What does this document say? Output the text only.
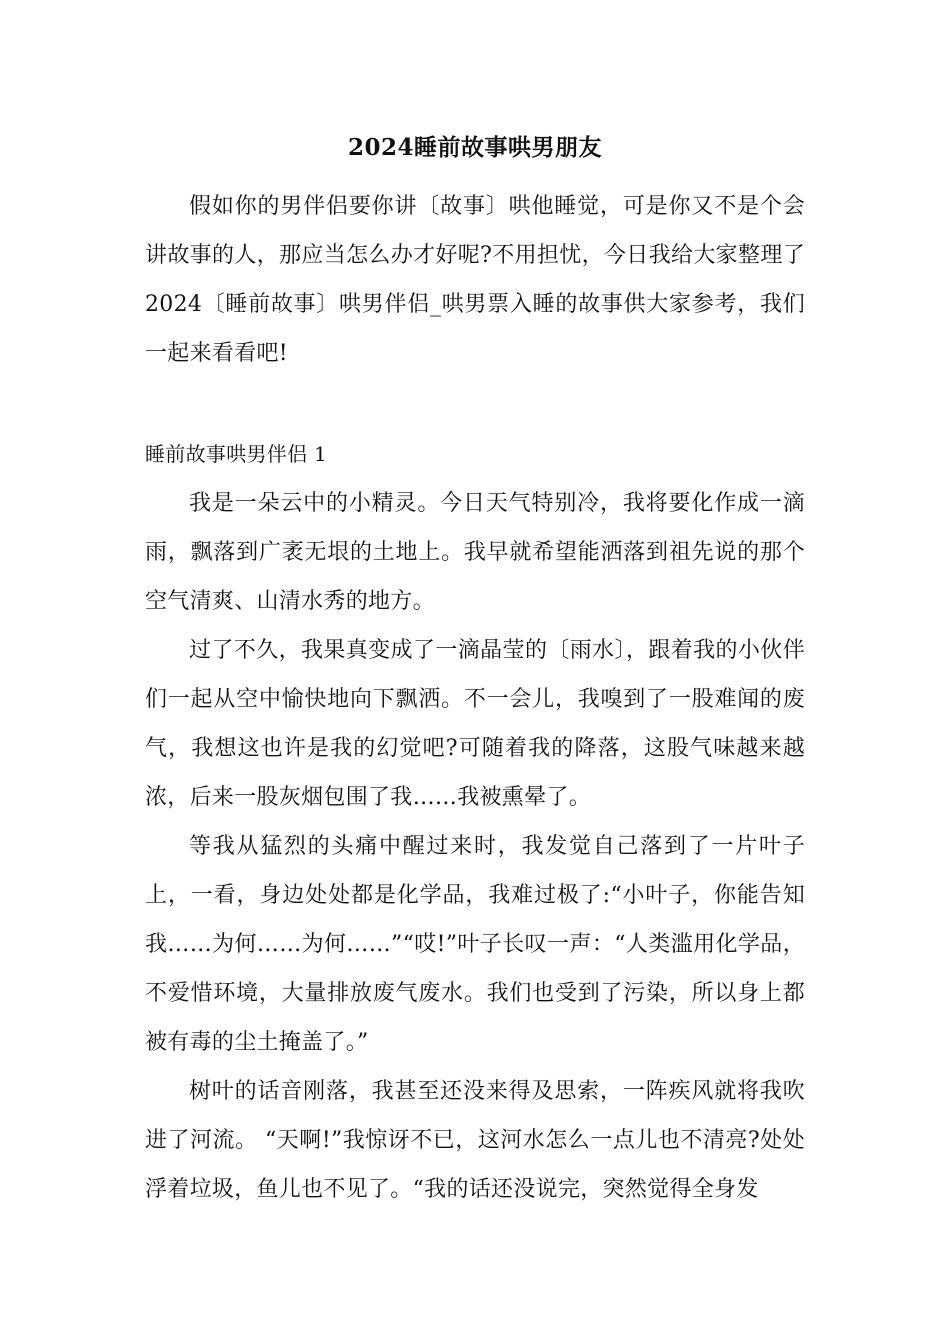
2024睡前故事哄男朋友

假如你的男伴侣要你讲〔故事〕哄他睡觉，可是你又不是个会讲故事的人，那应当怎么办才好呢?不用担忧，今日我给大家整理了2024〔睡前故事〕哄男伴侣_哄男票入睡的故事供大家参考，我们一起来看看吧!

睡前故事哄男伴侣 1

我是一朵云中的小精灵。今日天气特别冷，我将要化作成一滴雨，飘落到广袤无垠的土地上。我早就希望能洒落到祖先说的那个空气清爽、山清水秀的地方。

过了不久，我果真变成了一滴晶莹的〔雨水〕，跟着我的小伙伴们一起从空中愉快地向下飘洒。不一会儿，我嗅到了一股难闻的废气，我想这也许是我的幻觉吧?可随着我的降落，这股气味越来越浓，后来一股灰烟包围了我……我被熏晕了。

等我从猛烈的头痛中醒过来时，我发觉自己落到了一片叶子上，一看，身边处处都是化学品，我难过极了:“小叶子，你能告知我……为何……为何……”“哎!”叶子长叹一声：“人类滥用化学品，不爱惜环境，大量排放废气废水。我们也受到了污染，所以身上都被有毒的尘土掩盖了。”

树叶的话音刚落，我甚至还没来得及思索，一阵疾风就将我吹进了河流。 “天啊!”我惊讶不已，这河水怎么一点儿也不清亮?处处浮着垃圾，鱼儿也不见了。“我的话还没说完，突然觉得全身发
